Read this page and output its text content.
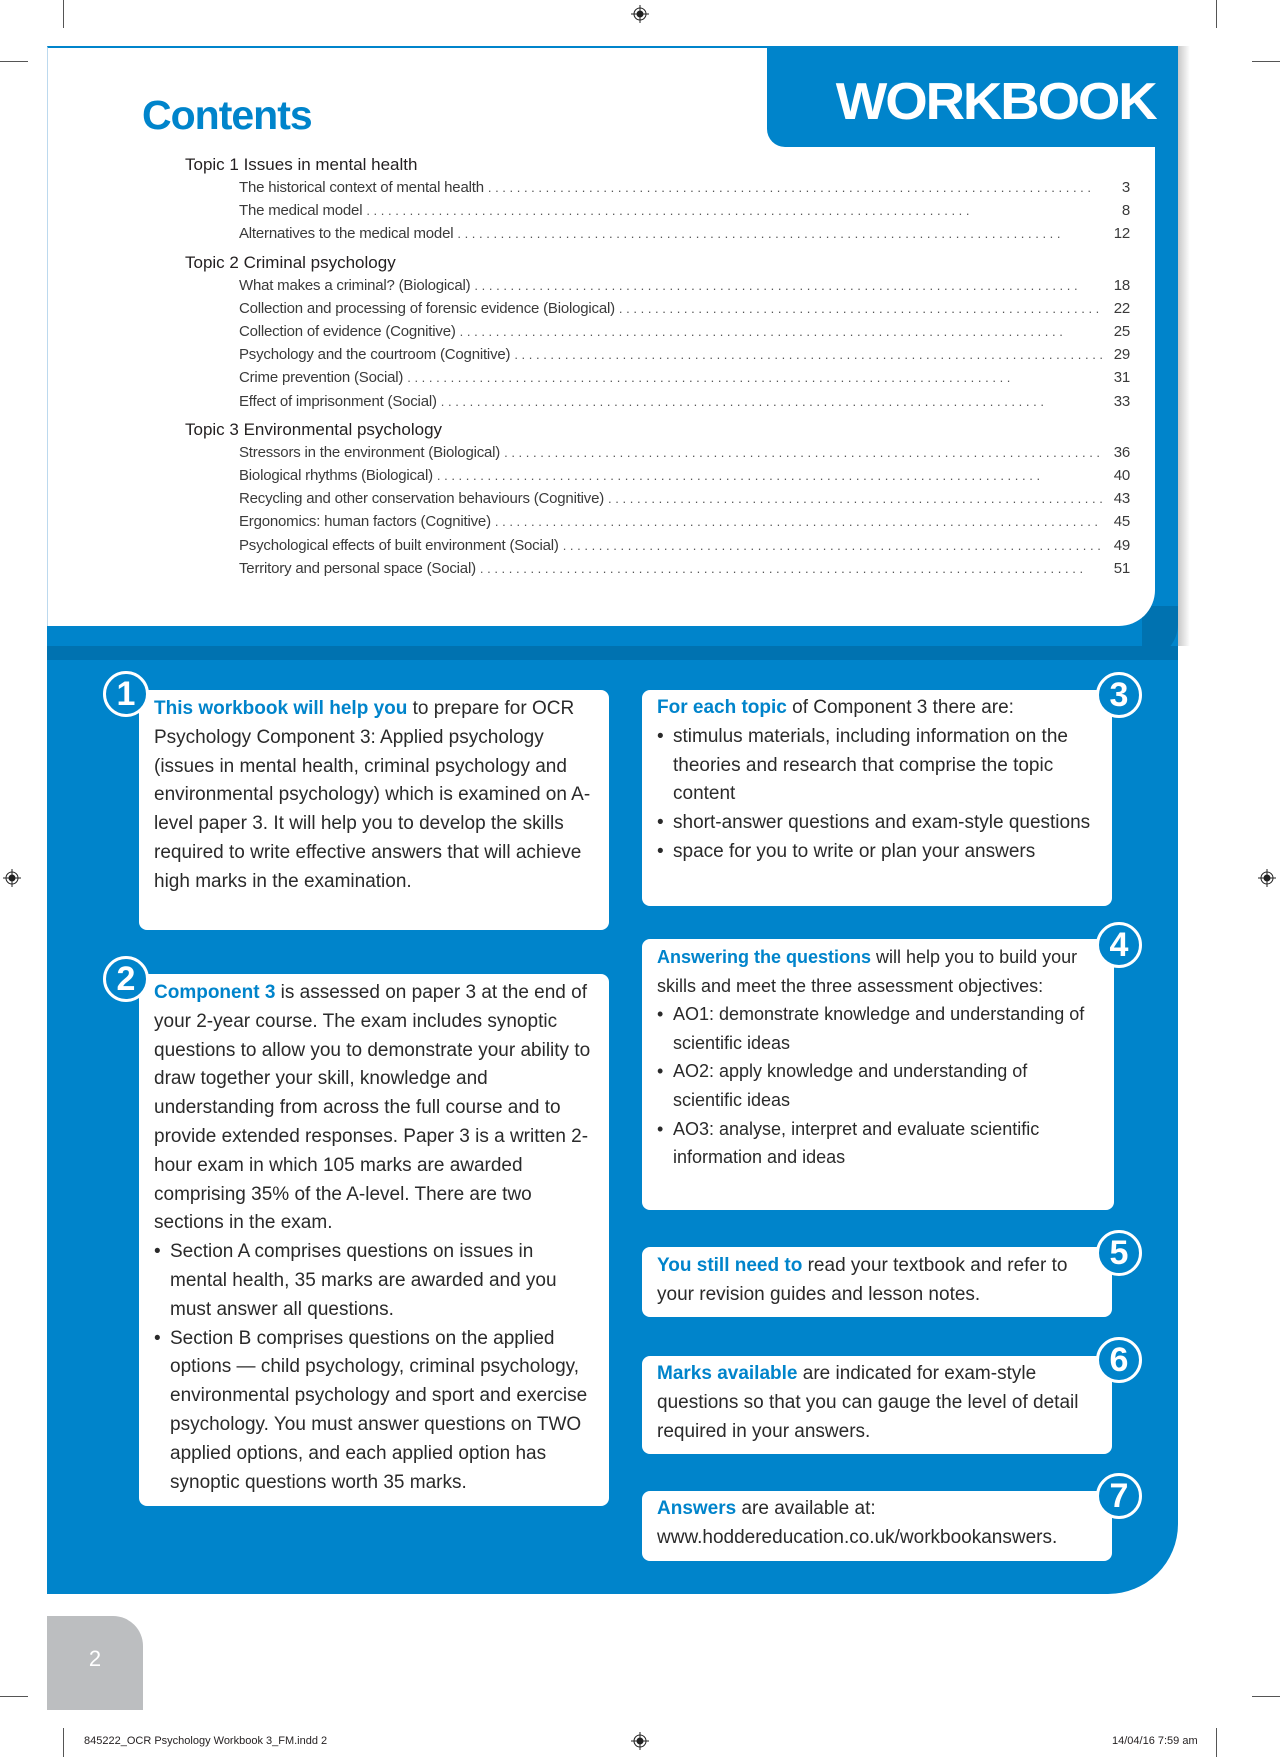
Contents
Topic 1 Issues in mental health
The historical context of mental health . . .	3
The medical model . . .	8
Alternatives to the medical model . . .	12
Topic 2 Criminal psychology
What makes a criminal? (Biological) . . .	18
Collection and processing of forensic evidence (Biological) . . .	22
Collection of evidence (Cognitive) . . .	25
Psychology and the courtroom (Cognitive) . . .	29
Crime prevention (Social) . . .	31
Effect of imprisonment (Social) . . .	33
Topic 3 Environmental psychology
Stressors in the environment (Biological) . . .	36
Biological rhythms (Biological) . . .	40
Recycling and other conservation behaviours (Cognitive) . . .	43
Ergonomics: human factors (Cognitive) . . .	45
Psychological effects of built environment (Social) . . .	49
Territory and personal space (Social) . . .	51
WORKBOOK
This workbook will help you to prepare for OCR Psychology Component 3: Applied psychology (issues in mental health, criminal psychology and environmental psychology) which is examined on A-level paper 3. It will help you to develop the skills required to write effective answers that will achieve high marks in the examination.
1
Component 3 is assessed on paper 3 at the end of your 2-year course. The exam includes synoptic questions to allow you to demonstrate your ability to draw together your skill, knowledge and understanding from across the full course and to provide extended responses. Paper 3 is a written 2-hour exam in which 105 marks are awarded comprising 35% of the A-level. There are two sections in the exam.
• Section A comprises questions on issues in mental health, 35 marks are awarded and you must answer all questions.
• Section B comprises questions on the applied options — child psychology, criminal psychology, environmental psychology and sport and exercise psychology. You must answer questions on TWO applied options, and each applied option has synoptic questions worth 35 marks.
2
For each topic of Component 3 there are:
• stimulus materials, including information on the theories and research that comprise the topic content
• short-answer questions and exam-style questions
• space for you to write or plan your answers
3
Answering the questions will help you to build your skills and meet the three assessment objectives:
• AO1: demonstrate knowledge and understanding of scientific ideas
• AO2: apply knowledge and understanding of scientific ideas
• AO3: analyse, interpret and evaluate scientific information and ideas
4
You still need to read your textbook and refer to your revision guides and lesson notes.
5
Marks available are indicated for exam-style questions so that you can gauge the level of detail required in your answers.
6
Answers are available at: www.hoddereducation.co.uk/workbookanswers.
7
2
845222_OCR Psychology Workbook 3_FM.indd 2	14/04/16 7:59 am
